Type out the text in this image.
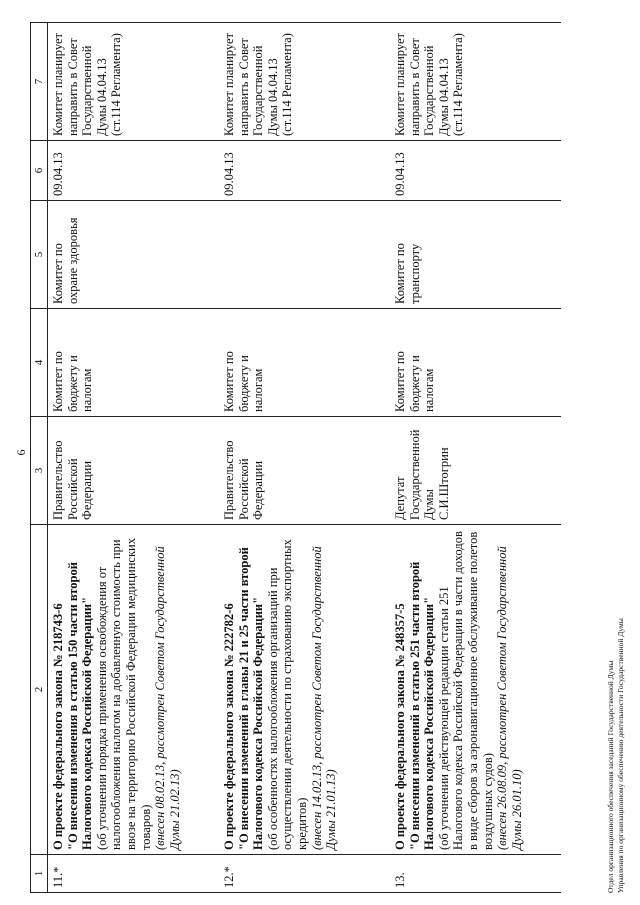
6
1	2	3	4	5	6	7
11.*	О проекте федерального закона № 218743-6 "О внесении изменения в статью 150 части второй Налогового кодекса Российской Федерации" (об уточнении порядка применения освобождения от налогообложения налогом на добавленную стоимость при ввозе на территорию Российской Федерации медицинских товаров) (внесен 08.02.13, рассмотрен Советом Государственной Думы 21.02.13)	Правительство Российской Федерации	Комитет по бюджету и налогам	Комитет по охране здоровья	09.04.13	Комитет планирует направить в Совет Государственной Думы 04.04.13 (ст.114 Регламента)
12.*	О проекте федерального закона № 222782-6 "О внесении изменений в главы 21 и 25 части второй Налогового кодекса Российской Федерации" (об особенностях налогообложения организаций при осуществлении деятельности по страхованию экспортных кредитов) (внесен 14.02.13, рассмотрен Советом Государственной Думы 21.01.13)	Правительство Российской Федерации	Комитет по бюджету и налогам		09.04.13	Комитет планирует направить в Совет Государственной Думы 04.04.13 (ст.114 Регламента)
13.	О проекте федерального закона № 248357-5 "О внесении изменений в статью 251 части второй Налогового кодекса Российской Федерации" (об уточнении действующей редакции статьи 251 Налогового кодекса Российской Федерации в части доходов в виде сборов за аэронавигационное обслуживание полетов воздушных судов) (внесен 26.08.09, рассмотрен Советом Государственной Думы 26.01.10)	Депутат Государственной Думы С.И.Штогрин	Комитет по бюджету и налогам	Комитет по транспорту	09.04.13	Комитет планирует направить в Совет Государственной Думы 04.04.13 (ст.114 Регламента)
Отдел организационного обеспечения заседаний Государственной Думы Управления по организационному обеспечению деятельности Государственной Думы
